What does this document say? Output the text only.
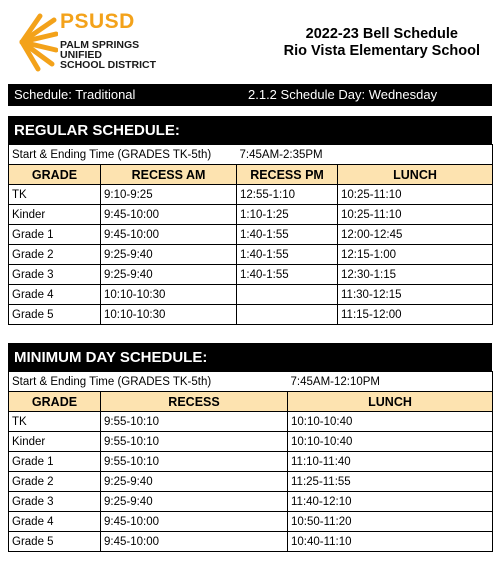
PSUSD
PALM SPRINGS
UNIFIED
SCHOOL DISTRICT
2022-23 Bell Schedule
Rio Vista Elementary School
Schedule: Traditional	2.1.2 Schedule Day: Wednesday
REGULAR SCHEDULE:
Start & Ending Time (GRADES TK-5th)		7:45AM-2:35PM	
GRADE	RECESS AM	RECESS PM	LUNCH
TK	9:10-9:25	12:55-1:10	10:25-11:10
Kinder	9:45-10:00	1:10-1:25	10:25-11:10
Grade 1	9:45-10:00	1:40-1:55	12:00-12:45
Grade 2	9:25-9:40	1:40-1:55	12:15-1:00
Grade 3	9:25-9:40	1:40-1:55	12:30-1:15
Grade 4	10:10-10:30		11:30-12:15
Grade 5	10:10-10:30		11:15-12:00
MINIMUM DAY SCHEDULE:
Start & Ending Time (GRADES TK-5th)		7:45AM-12:10PM
GRADE	RECESS	LUNCH
TK	9:55-10:10	10:10-10:40
Kinder	9:55-10:10	10:10-10:40
Grade 1	9:55-10:10	11:10-11:40
Grade 2	9:25-9:40	11:25-11:55
Grade 3	9:25-9:40	11:40-12:10
Grade 4	9:45-10:00	10:50-11:20
Grade 5	9:45-10:00	10:40-11:10
